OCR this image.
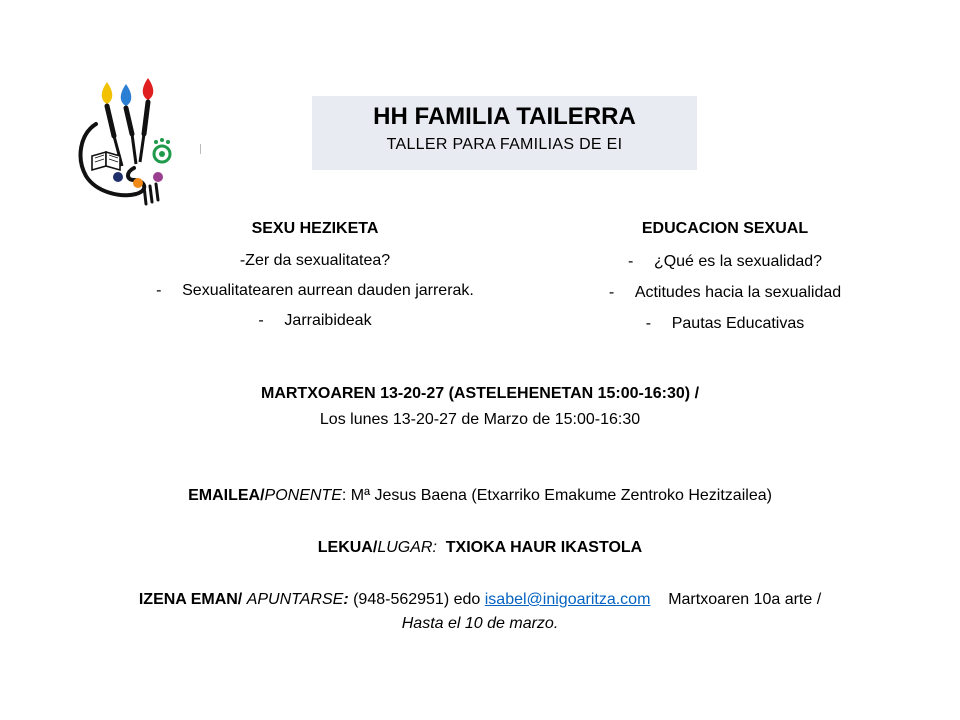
HH FAMILIA TAILERRA
TALLER PARA FAMILIAS DE EI
SEXU HEZIKETA
-Zer da sexualitatea?
- Sexualitatearen aurrean dauden jarrerak.
- Jarraibideak
EDUCACION SEXUAL
- ¿Qué es la sexualidad?
- Actitudes hacia la sexualidad
- Pautas Educativas
MARTXOAREN 13-20-27 (ASTELEHENETAN 15:00-16:30) /
Los lunes 13-20-27 de Marzo de 15:00-16:30
EMAILEA/PONENTE: Mª Jesus Baena (Etxarriko Emakume Zentroko Hezitzailea)
LEKUA/LUGAR: TXIOKA HAUR IKASTOLA
IZENA EMAN/ APUNTARSE: (948-562951) edo isabel@inigoaritza.com Martxoaren 10a arte /
Hasta el 10 de marzo.
